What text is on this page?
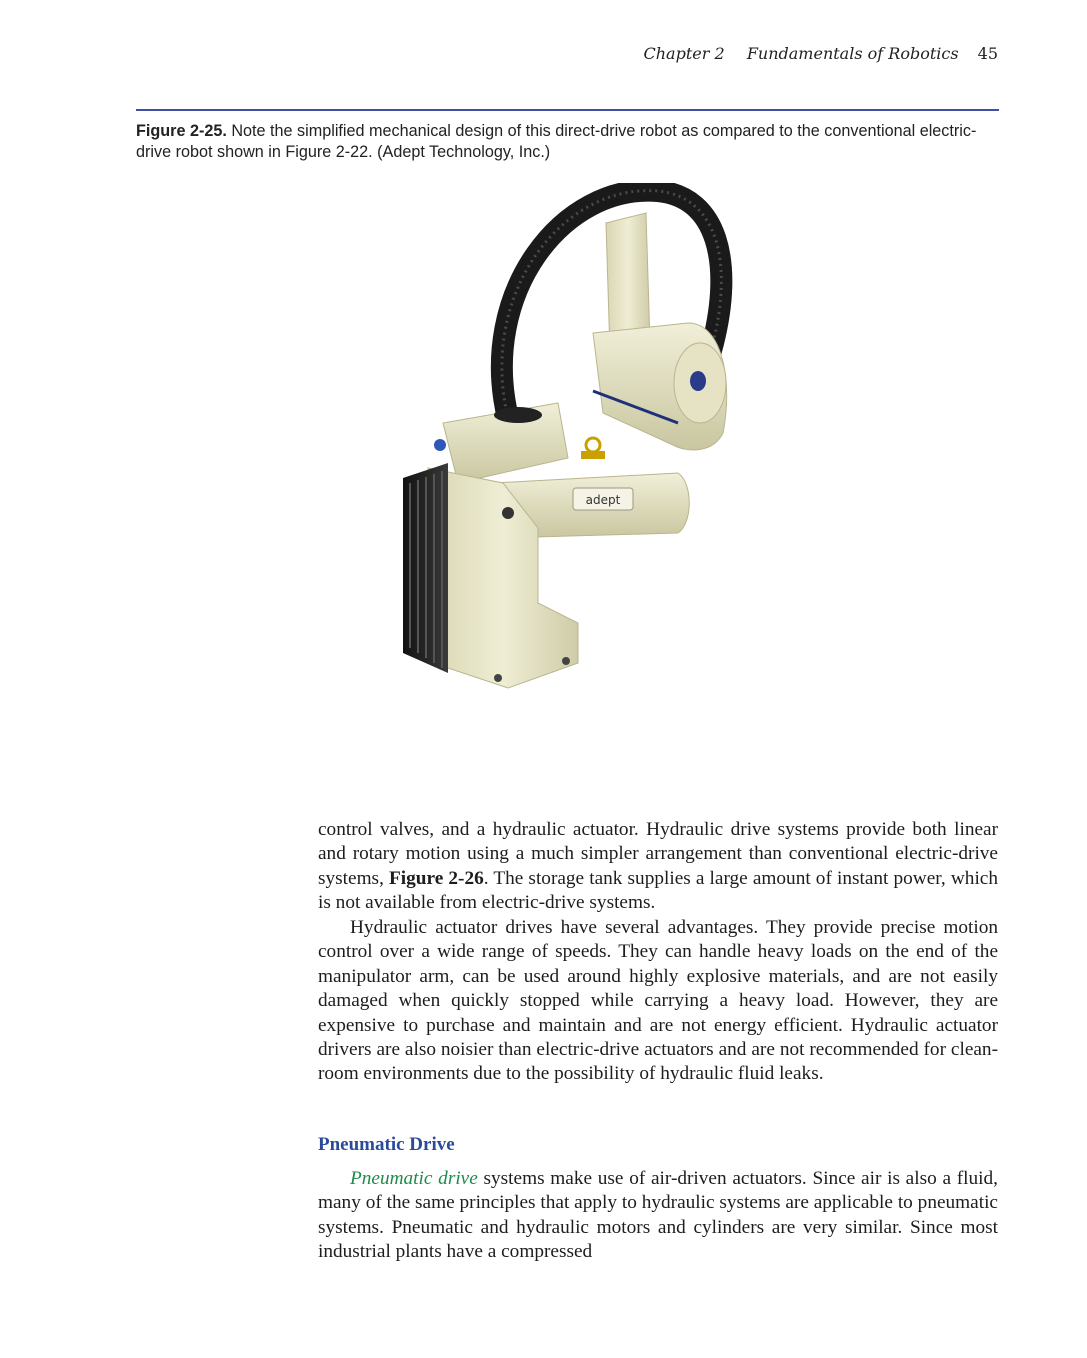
Chapter 2 Fundamentals of Robotics 45
Figure 2-25. Note the simplified mechanical design of this direct-drive robot as compared to the conventional electric-drive robot shown in Figure 2-22. (Adept Technology, Inc.)
adept

control valves, and a hydraulic actuator. Hydraulic drive systems provide both linear and rotary motion using a much simpler arrangement than conventional electric-drive systems, Figure 2-26. The storage tank supplies a large amount of instant power, which is not available from electric-drive systems.

Hydraulic actuator drives have several advantages. They provide precise motion control over a wide range of speeds. They can handle heavy loads on the end of the manipulator arm, can be used around highly explosive materials, and are not easily damaged when quickly stopped while carrying a heavy load. However, they are expensive to purchase and maintain and are not energy efficient. Hydraulic actuator drivers are also noisier than electric-drive actuators and are not recommended for clean-room environments due to the possibility of hydraulic fluid leaks.

Pneumatic Drive

Pneumatic drive systems make use of air-driven actuators. Since air is also a fluid, many of the same principles that apply to hydraulic systems are applicable to pneumatic systems. Pneumatic and hydraulic motors and cylinders are very similar. Since most industrial plants have a compressed
